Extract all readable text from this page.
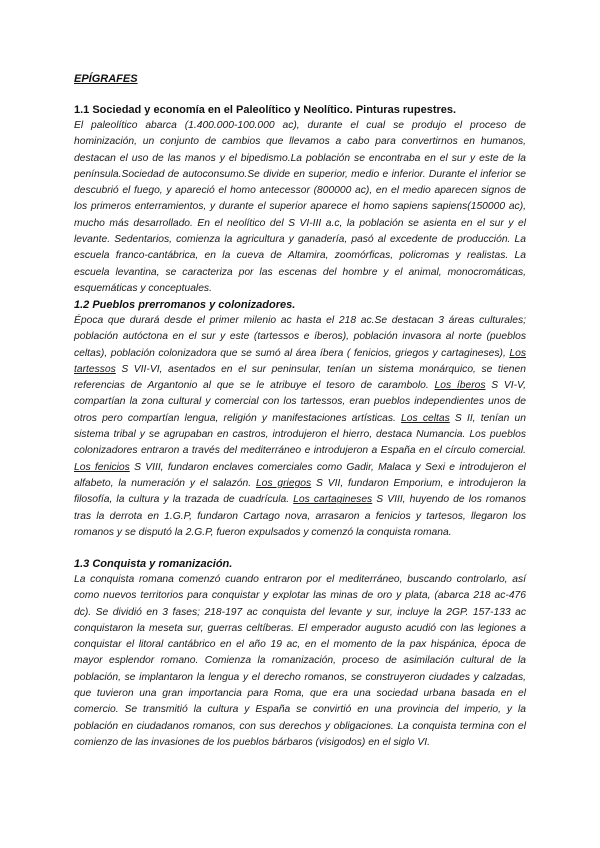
EPÍGRAFES
1.1 Sociedad y economía en el Paleolítico y Neolítico. Pinturas rupestres.

El paleolítico abarca (1.400.000-100.000 ac), durante el cual se produjo el proceso de hominización, un conjunto de cambios que llevamos a cabo para convertirnos en humanos, destacan el uso de las manos y el bipedismo.La población se encontraba en el sur y este de la península.Sociedad de autoconsumo.Se divide en superior, medio e inferior. Durante el inferior se descubrió el fuego, y apareció el homo antecessor (800000 ac), en el medio aparecen signos de los primeros enterramientos, y durante el superior aparece el homo sapiens sapiens(150000 ac), mucho más desarrollado. En el neolítico del S VI-III a.c, la población se asienta en el sur y el levante. Sedentarios, comienza la agricultura y ganadería, pasó al excedente de producción. La escuela franco-cantábrica, en la cueva de Altamira, zoomórficas, policromas y realistas. La escuela levantina, se caracteriza por las escenas del hombre y el animal, monocromáticas, esquemáticas y conceptuales.

1.2 Pueblos prerromanos y colonizadores.

Época que durará desde el primer milenio ac hasta el 218 ac.Se destacan 3 áreas culturales; población autóctona en el sur y este (tartessos e íberos), población invasora al norte (pueblos celtas), población colonizadora que se sumó al área íbera ( fenicios, griegos y cartagineses), Los tartessos S VII-VI, asentados en el sur peninsular, tenían un sistema monárquico, se tienen referencias de Argantonio al que se le atribuye el tesoro de carambolo. Los íberos S VI-V, compartían la zona cultural y comercial con los tartessos, eran pueblos independientes unos de otros pero compartían lengua, religión y manifestaciones artísticas. Los celtas S II, tenían un sistema tribal y se agrupaban en castros, introdujeron el hierro, destaca Numancia. Los pueblos colonizadores entraron a través del mediterráneo e introdujeron a España en el círculo comercial. Los fenicios S VIII, fundaron enclaves comerciales como Gadir, Malaca y Sexi e introdujeron el alfabeto, la numeración y el salazón. Los griegos S VII, fundaron Emporium, e introdujeron la filosofía, la cultura y la trazada de cuadrícula. Los cartagineses S VIII, huyendo de los romanos tras la derrota en 1.G.P, fundaron Cartago nova, arrasaron a fenicios y tartesos, llegaron los romanos y se disputó la 2.G.P, fueron expulsados y comenzó la conquista romana.

1.3 Conquista y romanización.

La conquista romana comenzó cuando entraron por el mediterráneo, buscando controlarlo, así como nuevos territorios para conquistar y explotar las minas de oro y plata, (abarca 218 ac-476 dc). Se dividió en 3 fases; 218-197 ac conquista del levante y sur, incluye la 2GP. 157-133 ac conquistaron la meseta sur, guerras celtíberas. El emperador augusto acudió con las legiones a conquistar el litoral cantábrico en el año 19 ac, en el momento de la pax hispánica, época de mayor esplendor romano. Comienza la romanización, proceso de asimilación cultural de la población, se implantaron la lengua y el derecho romanos, se construyeron ciudades y calzadas, que tuvieron una gran importancia para Roma, que era una sociedad urbana basada en el comercio. Se transmitió la cultura y España se convirtió en una provincia del imperio, y la población en ciudadanos romanos, con sus derechos y obligaciones. La conquista termina con el comienzo de las invasiones de los pueblos bárbaros (visigodos) en el siglo VI.
